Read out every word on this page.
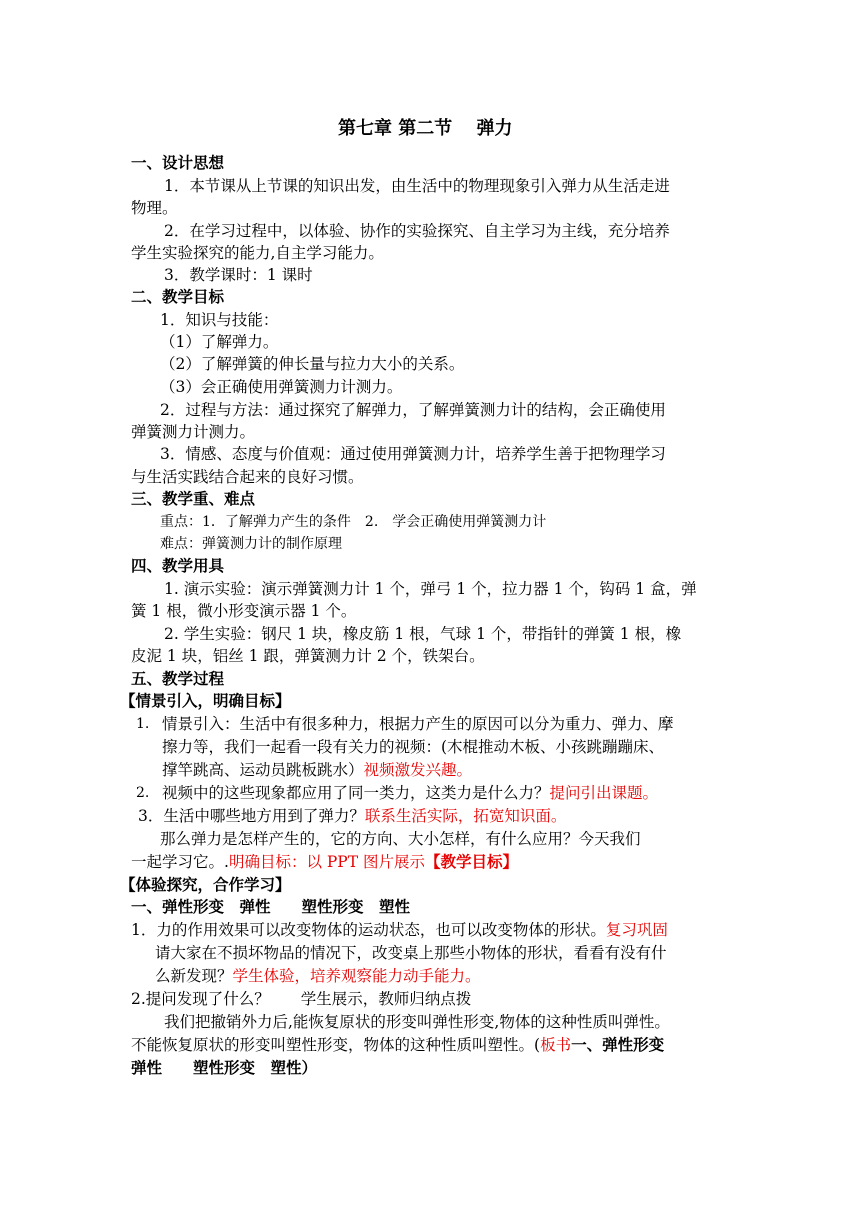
第七章 第二节　 弹力
一、设计思想
1．本节课从上节课的知识出发，由生活中的物理现象引入弹力从生活走进
物理。
2．在学习过程中，以体验、协作的实验探究、自主学习为主线，充分培养
学生实验探究的能力,自主学习能力。
3．教学课时：1 课时
二、教学目标
1．知识与技能：
（1）了解弹力。
（2）了解弹簧的伸长量与拉力大小的关系。
（3）会正确使用弹簧测力计测力。
2．过程与方法：通过探究了解弹力，了解弹簧测力计的结构，会正确使用
弹簧测力计测力。
3．情感、态度与价值观：通过使用弹簧测力计，培养学生善于把物理学习
与生活实践结合起来的良好习惯。
三、教学重、难点
重点：1．了解弹力产生的条件　2.　学会正确使用弹簧测力计
难点：弹簧测力计的制作原理
四、教学用具
1. 演示实验：演示弹簧测力计 1 个，弹弓 1 个，拉力器 1 个，钩码 1 盒，弹
簧 1 根，微小形变演示器 1 个。
2. 学生实验：钢尺 1 块，橡皮筋 1 根，气球 1 个，带指针的弹簧 1 根，橡
皮泥 1 块，铝丝 1 跟，弹簧测力计 2 个，铁架台。
五、教学过程
【情景引入，明确目标】
1. 情景引入：生活中有很多种力，根据力产生的原因可以分为重力、弹力、摩
擦力等，我们一起看一段有关力的视频：(木棍推动木板、小孩跳蹦蹦床、
撑竿跳高、运动员跳板跳水）视频激发兴趣。
2. 视频中的这些现象都应用了同一类力，这类力是什么力？提问引出课题。
3．生活中哪些地方用到了弹力？联系生活实际，拓宽知识面。
那么弹力是怎样产生的，它的方向、大小怎样，有什么应用？今天我们
一起学习它。.明确目标：以 PPT 图片展示【教学目标】
【体验探究，合作学习】
一、弹性形变　弹性　　塑性形变　塑性
1．力的作用效果可以改变物体的运动状态，也可以改变物体的形状。复习巩固
请大家在不损坏物品的情况下，改变桌上那些小物体的形状，看看有没有什
么新发现？学生体验，培养观察能力动手能力。
2.提问发现了什么？　　学生展示，教师归纳点拨
我们把撤销外力后,能恢复原状的形变叫弹性形变,物体的这种性质叫弹性。
不能恢复原状的形变叫塑性形变，物体的这种性质叫塑性。(板书一、弹性形变
弹性　　塑性形变　塑性）
